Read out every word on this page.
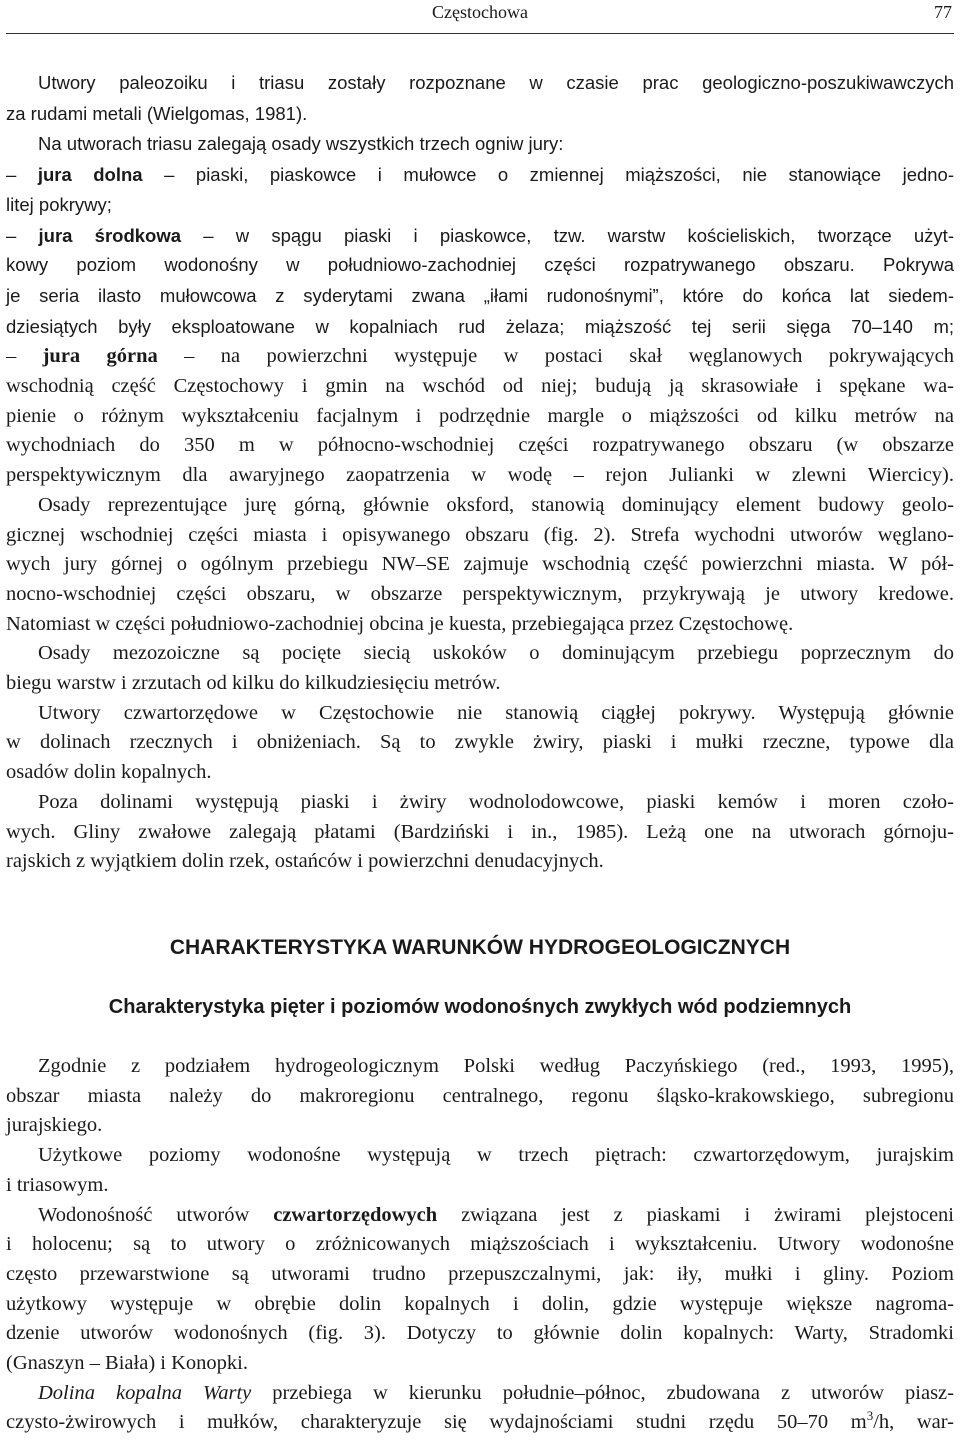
Częstochowa	77
Utwory paleozoiku i triasu zostały rozpoznane w czasie prac geologiczno-poszukiwawczych
za rudami metali (Wielgomas, 1981).
Na utworach triasu zalegają osady wszystkich trzech ogniw jury:
– jura dolna – piaski, piaskowce i mułowce o zmiennej miąższości, nie stanowiące jedno-
litej pokrywy;
– jura środkowa – w spągu piaski i piaskowce, tzw. warstw kościeliskich, tworzące użyt-
kowy poziom wodonośny w południowo-zachodniej części rozpatrywanego obszaru. Pokrywa
je seria ilasto mułowcowa z syderytami zwana „iłami rudonośnymi”, które do końca lat siedem-
dziesiątych były eksploatowane w kopalniach rud żelaza; miąższość tej serii sięga 70–140 m;
– jura górna – na powierzchni występuje w postaci skał węglanowych pokrywających
wschodnią część Częstochowy i gmin na wschód od niej; budują ją skrasowiałe i spękane wa-
pienie o różnym wykształceniu facjalnym i podrzędnie margle o miąższości od kilku metrów na
wychodniach do 350 m w północno-wschodniej części rozpatrywanego obszaru (w obszarze
perspektywicznym dla awaryjnego zaopatrzenia w wodę – rejon Julianki w zlewni Wiercicy).
Osady reprezentujące jurę górną, głównie oksford, stanowią dominujący element budowy geolo-
gicznej wschodniej części miasta i opisywanego obszaru (fig. 2). Strefa wychodni utworów węglano-
wych jury górnej o ogólnym przebiegu NW–SE zajmuje wschodnią część powierzchni miasta. W pół-
nocno-wschodniej części obszaru, w obszarze perspektywicznym, przykrywają je utwory kredowe.
Natomiast w części południowo-zachodniej obcina je kuesta, przebiegająca przez Częstochowę.
Osady mezozoiczne są pocięte siecią uskoków o dominującym przebiegu poprzecznym do
biegu warstw i zrzutach od kilku do kilkudziesięciu metrów.
Utwory czwartorzędowe w Częstochowie nie stanowią ciągłej pokrywy. Występują głównie
w dolinach rzecznych i obniżeniach. Są to zwykle żwiry, piaski i mułki rzeczne, typowe dla
osadów dolin kopalnych.
Poza dolinami występują piaski i żwiry wodnolodowcowe, piaski kemów i moren czoło-
wych. Gliny zwałowe zalegają płatami (Bardziński i in., 1985). Leżą one na utworach górnoju-
rajskich z wyjątkiem dolin rzek, ostańców i powierzchni denudacyjnych.
CHARAKTERYSTYKA WARUNKÓW HYDROGEOLOGICZNYCH
Charakterystyka pięter i poziomów wodonośnych zwykłych wód podziemnych
Zgodnie z podziałem hydrogeologicznym Polski według Paczyńskiego (red., 1993, 1995),
obszar miasta należy do makroregionu centralnego, regonu śląsko-krakowskiego, subregionu
jurajskiego.
Użytkowe poziomy wodonośne występują w trzech piętrach: czwartorzędowym, jurajskim
i triasowym.
Wodonośność utworów czwartorzędowych związana jest z piaskami i żwirami plejstoceni
i holocenu; są to utwory o zróżnicowanych miąższościach i wykształceniu. Utwory wodonośne
często przewarstwione są utworami trudno przepuszczalnymi, jak: iły, mułki i gliny. Poziom
użytkowy występuje w obrębie dolin kopalnych i dolin, gdzie występuje większe nagroma-
dzenie utworów wodonośnych (fig. 3). Dotyczy to głównie dolin kopalnych: Warty, Stradomki
(Gnaszyn – Biała) i Konopki.
Dolina kopalna Warty przebiega w kierunku południe–północ, zbudowana z utworów piasz-
czysto-żwirowych i mułków, charakteryzuje się wydajnościami studni rzędu 50–70 $m^3/h$, war-
